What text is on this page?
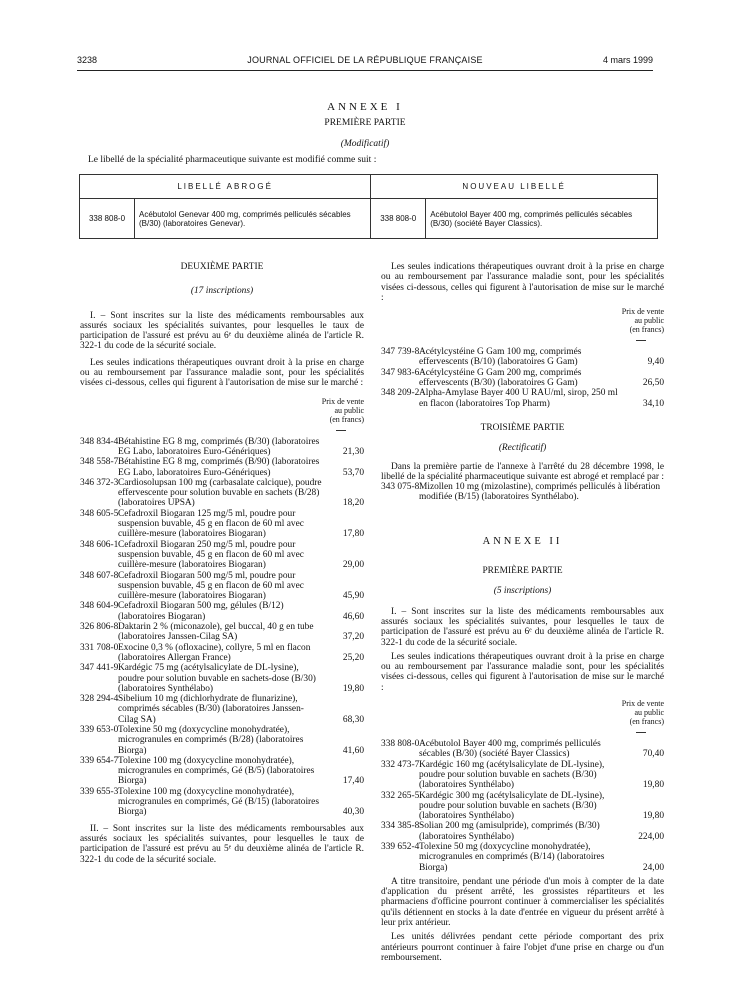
3238	JOURNAL OFFICIEL DE LA RÉPUBLIQUE FRANÇAISE	4 mars 1999
ANNEXE I
PREMIÈRE PARTIE
(Modificatif)
Le libellé de la spécialité pharmaceutique suivante est modifié comme suit :
LIBELLÉ ABROGÉ		NOUVEAU LIBELLÉ	
338 808-0	Acébutolol Genevar 400 mg, comprimés pelliculés sécables (B/30) (laboratoires Genevar).	338 808-0	Acébutolol Bayer 400 mg, comprimés pelliculés sécables (B/30) (société Bayer Classics).

DEUXIÈME PARTIE

(17 inscriptions)

I. – Sont inscrites sur la liste des médicaments remboursables aux assurés sociaux les spécialités suivantes, pour lesquelles le taux de participation de l'assuré est prévu au 6ᵉ du deuxième alinéa de l'article R. 322-1 du code de la sécurité sociale.

Les seules indications thérapeutiques ouvrant droit à la prise en charge ou au remboursement par l'assurance maladie sont, pour les spécialités visées ci-dessous, celles qui figurent à l'autorisation de mise sur le marché :

Prix de vente
au public
(en francs)
348 834-4 Bétahistine EG 8 mg, comprimés (B/30) (laboratoires EG Labo, laboratoires Euro-Génériques)	21,30
348 558-7 Bétahistine EG 8 mg, comprimés (B/90) (laboratoires EG Labo, laboratoires Euro-Génériques)	53,70
346 372-3 Cardiosolupsan 100 mg (carbasalate calcique), poudre effervescente pour solution buvable en sachets (B/28) (laboratoires UPSA)	18,20
348 605-5 Cefadroxil Biogaran 125 mg/5 ml, poudre pour suspension buvable, 45 g en flacon de 60 ml avec cuillère-mesure (laboratoires Biogaran)	17,80
348 606-1 Cefadroxil Biogaran 250 mg/5 ml, poudre pour suspension buvable, 45 g en flacon de 60 ml avec cuillère-mesure (laboratoires Biogaran)	29,00
348 607-8 Cefadroxil Biogaran 500 mg/5 ml, poudre pour suspension buvable, 45 g en flacon de 60 ml avec cuillère-mesure (laboratoires Biogaran)	45,90
348 604-9 Cefadroxil Biogaran 500 mg, gélules (B/12) (laboratoires Biogaran)	46,60
326 806-8 Daktarin 2 % (miconazole), gel buccal, 40 g en tube (laboratoires Janssen-Cilag SA)	37,20
331 708-0 Exocine 0,3 % (ofloxacine), collyre, 5 ml en flacon (laboratoires Allergan France)	25,20
347 441-9 Kardégic 75 mg (acétylsalicylate de DL-lysine), poudre pour solution buvable en sachets-dose (B/30) (laboratoires Synthélabo)	19,80
328 294-4 Sibelium 10 mg (dichlorhydrate de flunarizine), comprimés sécables (B/30) (laboratoires Janssen-Cilag SA)	68,30
339 653-0 Tolexine 50 mg (doxycycline monohydratée), microgranules en comprimés (B/28) (laboratoires Biorga)	41,60
339 654-7 Tolexine 100 mg (doxycycline monohydratée), microgranules en comprimés, Gé (B/5) (laboratoires Biorga)	17,40
339 655-3 Tolexine 100 mg (doxycycline monohydratée), microgranules en comprimés, Gé (B/15) (laboratoires Biorga)	40,30

II. – Sont inscrites sur la liste des médicaments remboursables aux assurés sociaux les spécialités suivantes, pour lesquelles le taux de participation de l'assuré est prévu au 5ᵉ du deuxième alinéa de l'article R. 322-1 du code de la sécurité sociale.

Les seules indications thérapeutiques ouvrant droit à la prise en charge ou au remboursement par l'assurance maladie sont, pour les spécialités visées ci-dessous, celles qui figurent à l'autorisation de mise sur le marché :

Prix de vente
au public
(en francs)
347 739-8 Acétylcystéine G Gam 100 mg, comprimés effervescents (B/10) (laboratoires G Gam)	9,40
347 983-6 Acétylcystéine G Gam 200 mg, comprimés effervescents (B/30) (laboratoires G Gam)	26,50
348 209-2 Alpha-Amylase Bayer 400 U RAU/ml, sirop, 250 ml en flacon (laboratoires Top Pharm)	34,10

TROISIÈME PARTIE

(Rectificatif)

Dans la première partie de l'annexe à l'arrêté du 28 décembre 1998, le libellé de la spécialité pharmaceutique suivante est abrogé et remplacé par :

343 075-8 Mizollen 10 mg (mizolastine), comprimés pelliculés à libération modifiée (B/15) (laboratoires Synthélabo).

ANNEXE II

PREMIÈRE PARTIE

(5 inscriptions)

I. – Sont inscrites sur la liste des médicaments remboursables aux assurés sociaux les spécialités suivantes, pour lesquelles le taux de participation de l'assuré est prévu au 6ᵉ du deuxième alinéa de l'article R. 322-1 du code de la sécurité sociale.

Les seules indications thérapeutiques ouvrant droit à la prise en charge ou au remboursement par l'assurance maladie sont, pour les spécialités visées ci-dessous, celles qui figurent à l'autorisation de mise sur le marché :

Prix de vente
au public
(en francs)
338 808-0 Acébutolol Bayer 400 mg, comprimés pelliculés sécables (B/30) (société Bayer Classics)	70,40
332 473-7 Kardégic 160 mg (acétylsalicylate de DL-lysine), poudre pour solution buvable en sachets (B/30) (laboratoires Synthélabo)	19,80
332 265-5 Kardégic 300 mg (acétylsalicylate de DL-lysine), poudre pour solution buvable en sachets (B/30) (laboratoires Synthélabo)	19,80
334 385-8 Solian 200 mg (amisulpride), comprimés (B/30) (laboratoires Synthélabo)	224,00
339 652-4 Tolexine 50 mg (doxycycline monohydratée), microgranules en comprimés (B/14) (laboratoires Biorga)	24,00

A titre transitoire, pendant une période d'un mois à compter de la date d'application du présent arrêté, les grossistes répartiteurs et les pharmaciens d'officine pourront continuer à commercialiser les spécialités qu'ils détiennent en stocks à la date d'entrée en vigueur du présent arrêté à leur prix antérieur.

Les unités délivrées pendant cette période comportant des prix antérieurs pourront continuer à faire l'objet d'une prise en charge ou d'un remboursement.
